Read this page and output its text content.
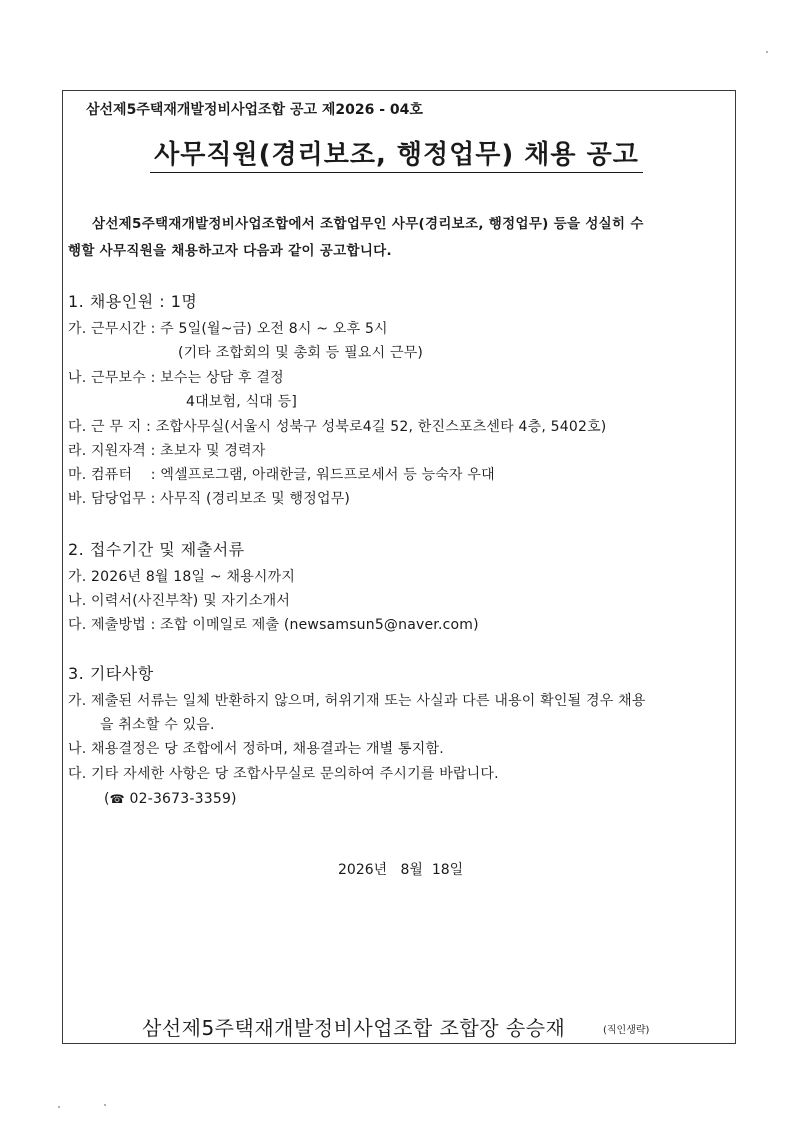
삼선제5주택재개발정비사업조합 공고 제2026 - 04호
사무직원(경리보조, 행정업무) 채용 공고
삼선제5주택재개발정비사업조합에서 조합업무인 사무(경리보조, 행정업무) 등을 성실히 수
행할 사무직원을 채용하고자 다음과 같이 공고합니다.
1. 채용인원 : 1명
가. 근무시간 : 주 5일(월~금) 오전 8시 ~ 오후 5시
(기타 조합회의 및 총회 등 필요시 근무)
나. 근무보수 : 보수는 상담 후 결정
4대보험, 식대 등]
다. 근 무 지 : 조합사무실(서울시 성북구 성북로4길 52, 한진스포츠센타 4층, 5402호)
라. 지원자격 : 초보자 및 경력자
마. 컴퓨터    : 엑셀프로그램, 아래한글, 워드프로세서 등 능숙자 우대
바. 담당업무 : 사무직 (경리보조 및 행정업무)
2. 접수기간 및 제출서류
가. 2026년 8월 18일 ~ 채용시까지
나. 이력서(사진부착) 및 자기소개서
다. 제출방법 : 조합 이메일로 제출 (newsamsun5@naver.com)
3. 기타사항
가. 제출된 서류는 일체 반환하지 않으며, 허위기재 또는 사실과 다른 내용이 확인될 경우 채용
을 취소할 수 있음.
나. 채용결정은 당 조합에서 정하며, 채용결과는 개별 통지함.
다. 기타 자세한 사항은 당 조합사무실로 문의하여 주시기를 바랍니다.
(☎ 02-3673-3359)
2026년   8월  18일
삼선제5주택재개발정비사업조합 조합장 송승재	(직인생략)
